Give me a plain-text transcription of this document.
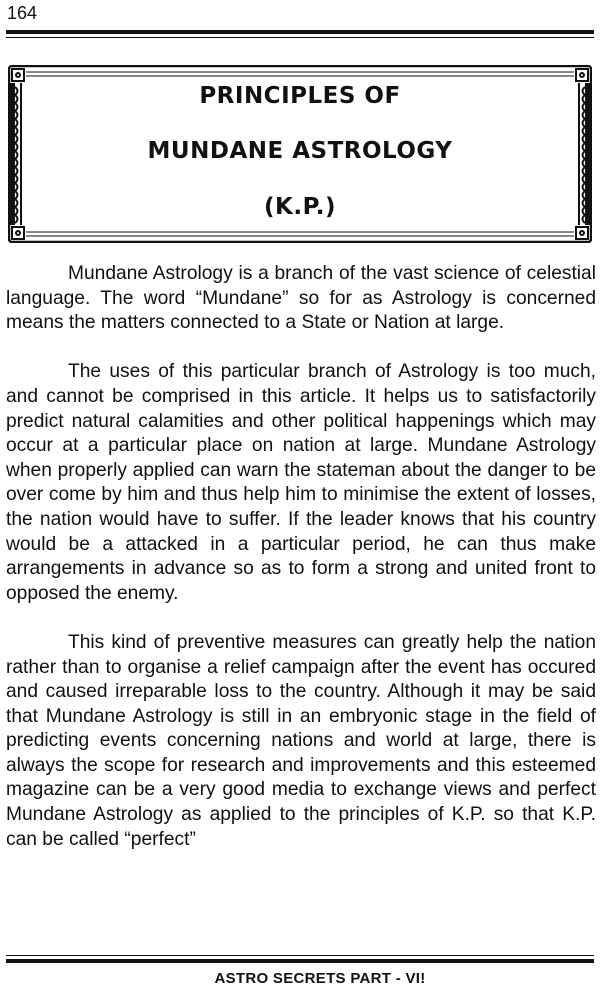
164
PRINCIPLES OF
MUNDANE ASTROLOGY
(K.P.)

Mundane Astrology is a branch of the vast science of celestial language. The word “Mundane” so for as Astrology is concerned means the matters connected to a State or Nation at large.

The uses of this particular branch of Astrology is too much, and cannot be comprised in this article. It helps us to satisfactorily predict natural calamities and other political happenings which may occur at a particular place on nation at large. Mundane Astrology when properly applied can warn the stateman about the danger to be over come by him and thus help him to minimise the extent of losses, the nation would have to suffer. If the leader knows that his country would be a attacked in a particular period, he can thus make arrangements in advance so as to form a strong and united front to opposed the enemy.

This kind of preventive measures can greatly help the nation rather than to organise a relief campaign after the event has occured and caused irreparable loss to the country. Although it may be said that Mundane Astrology is still in an embryonic stage in the field of predicting events concerning nations and world at large, there is always the scope for research and improvements and this esteemed magazine can be a very good media to exchange views and perfect Mundane Astrology as applied to the principles of K.P. so that K.P. can be called “perfect”

ASTRO SECRETS PART - VI!
